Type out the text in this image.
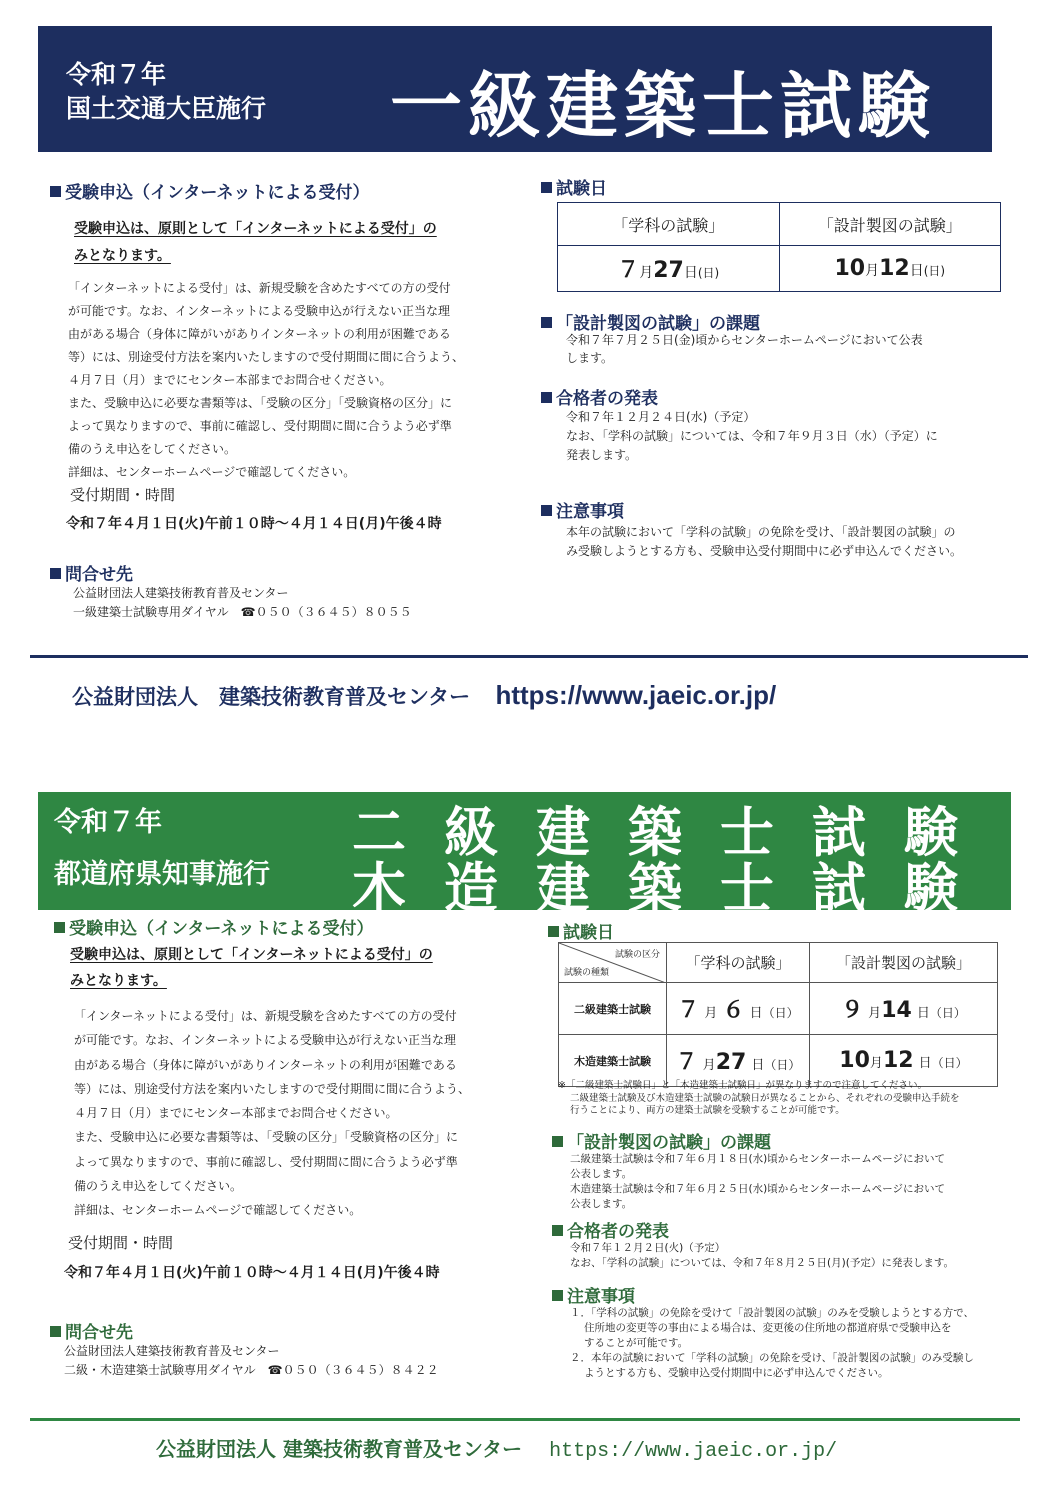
令和７年
国土交通大臣施行 一級建築士試験
受験申込（インターネットによる受付）
受験申込は、原則として「インターネットによる受付」の
みとなります。
「インターネットによる受付」は、新規受験を含めたすべての方の受付
が可能です。なお、インターネットによる受験申込が行えない正当な理
由がある場合（身体に障がいがありインターネットの利用が困難である
等）には、別途受付方法を案内いたしますので受付期間に間に合うよう、
４月７日（月）までにセンター本部までお問合せください。
また、受験申込に必要な書類等は、「受験の区分」「受験資格の区分」に
よって異なりますので、事前に確認し、受付期間に間に合うよう必ず準
備のうえ申込をしてください。
詳細は、センターホームページで確認してください。
受付期間・時間
令和７年４月１日(火)午前１０時～４月１４日(月)午後４時
問合せ先
公益財団法人建築技術教育普及センター
一級建築士試験専用ダイヤル　☎０５０（３６４５）８０５５
試験日
「学科の試験」	「設計製図の試験」
７月27日(日)	10月12日(日)
「設計製図の試験」の課題
令和７年７月２５日(金)頃からセンターホームページにおいて公表
します。
合格者の発表
令和７年１２月２４日(水)（予定）
なお、「学科の試験」については、令和７年９月３日（水）（予定）に
発表します。
注意事項
本年の試験において「学科の試験」の免除を受け、「設計製図の試験」の
み受験しようとする方も、受験申込受付期間中に必ず申込んでください。
公益財団法人　建築技術教育普及センター https://www.jaeic.or.jp/
令和７年
都道府県知事施行
二級建築士試験
木造建築士試験
受験申込（インターネットによる受付）
受験申込は、原則として「インターネットによる受付」の
みとなります。
「インターネットによる受付」は、新規受験を含めたすべての方の受付
が可能です。なお、インターネットによる受験申込が行えない正当な理
由がある場合（身体に障がいがありインターネットの利用が困難である
等）には、別途受付方法を案内いたしますので受付期間に間に合うよう、
４月７日（月）までにセンター本部までお問合せください。
また、受験申込に必要な書類等は、「受験の区分」「受験資格の区分」に
よって異なりますので、事前に確認し、受付期間に間に合うよう必ず準
備のうえ申込をしてください。
詳細は、センターホームページで確認してください。
受付期間・時間
令和７年４月１日(火)午前１０時～４月１４日(月)午後４時
問合せ先
公益財団法人建築技術教育普及センター
二級・木造建築士試験専用ダイヤル　☎０５０（３６４５）８４２２
試験日
試験の区分
試験の種類	「学科の試験」	「設計製図の試験」
二級建築士試験	７ 月 ６ 日（日）	９ 月14 日（日）
木造建築士試験	７ 月27 日（日）	10月12 日（日）
※「二級建築士試験日」と「木造建築士試験日」が異なりますので注意してください。
二級建築士試験及び木造建築士試験の試験日が異なることから、それぞれの受験申込手続を
行うことにより、両方の建築士試験を受験することが可能です。
「設計製図の試験」の課題
二級建築士試験は令和７年６月１８日(水)頃からセンターホームページにおいて
公表します。
木造建築士試験は令和７年６月２５日(水)頃からセンターホームページにおいて
公表します。
合格者の発表
令和７年１２月２日(火)（予定）
なお、「学科の試験」については、令和７年８月２５日(月)(予定）に発表します。
注意事項
１．「学科の試験」の免除を受けて「設計製図の試験」のみを受験しようとする方で、
住所地の変更等の事由による場合は、変更後の住所地の都道府県で受験申込を
することが可能です。
２．本年の試験において「学科の試験」の免除を受け、「設計製図の試験」のみ受験し
ようとする方も、受験申込受付期間中に必ず申込んでください。
公益財団法人 建築技術教育普及センター https://www.jaeic.or.jp/
